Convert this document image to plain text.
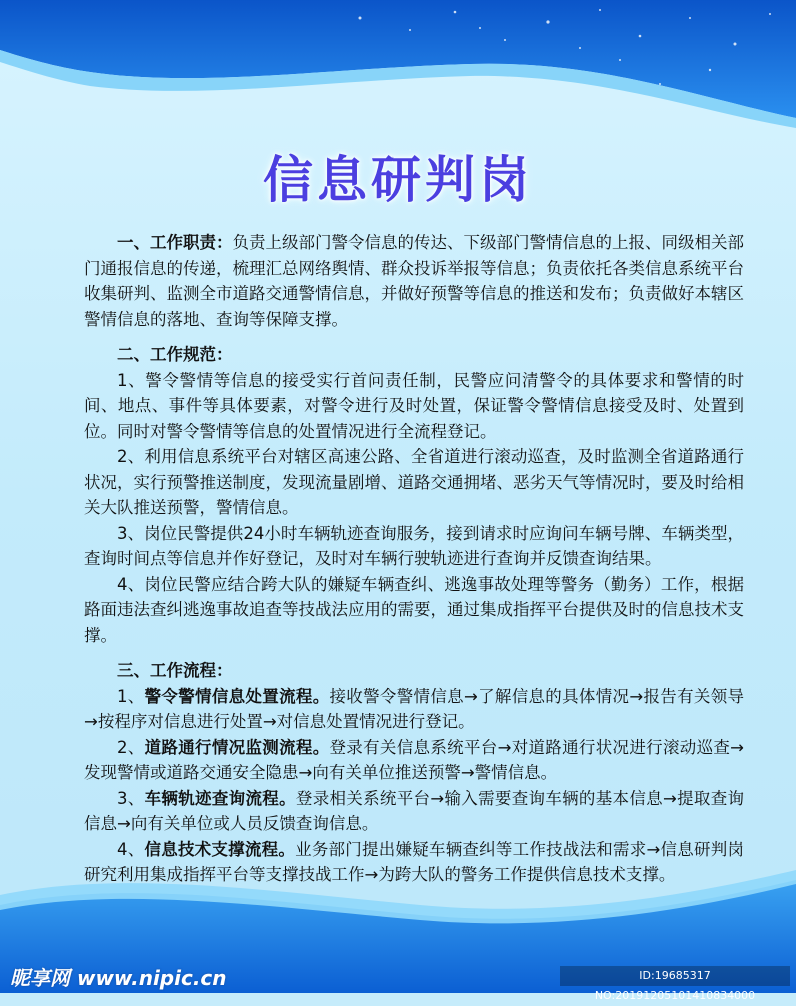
信息研判岗

一、工作职责：负责上级部门警令信息的传达、下级部门警情信息的上报、同级相关部门通报信息的传递，梳理汇总网络舆情、群众投诉举报等信息；负责依托各类信息系统平台收集研判、监测全市道路交通警情信息，并做好预警等信息的推送和发布；负责做好本辖区警情信息的落地、查询等保障支撑。

二、工作规范：

1、警令警情等信息的接受实行首问责任制，民警应问清警令的具体要求和警情的时间、地点、事件等具体要素，对警令进行及时处置，保证警令警情信息接受及时、处置到位。同时对警令警情等信息的处置情况进行全流程登记。

2、利用信息系统平台对辖区高速公路、全省道进行滚动巡查，及时监测全省道路通行状况，实行预警推送制度，发现流量剧增、道路交通拥堵、恶劣天气等情况时，要及时给相关大队推送预警，警情信息。

3、岗位民警提供24小时车辆轨迹查询服务，接到请求时应询问车辆号牌、车辆类型，查询时间点等信息并作好登记，及时对车辆行驶轨迹进行查询并反馈查询结果。

4、岗位民警应结合跨大队的嫌疑车辆查纠、逃逸事故处理等警务（勤务）工作，根据路面违法查纠逃逸事故追查等技战法应用的需要，通过集成指挥平台提供及时的信息技术支撑。

三、工作流程：

1、警令警情信息处置流程。接收警令警情信息→了解信息的具体情况→报告有关领导→按程序对信息进行处置→对信息处置情况进行登记。

2、道路通行情况监测流程。登录有关信息系统平台→对道路通行状况进行滚动巡查→发现警情或道路交通安全隐患→向有关单位推送预警→警情信息。

3、车辆轨迹查询流程。登录相关系统平台→输入需要查询车辆的基本信息→提取查询信息→向有关单位或人员反馈查询信息。

4、信息技术支撑流程。业务部门提出嫌疑车辆查纠等工作技战法和需求→信息研判岗研究利用集成指挥平台等支撑技战工作→为跨大队的警务工作提供信息技术支撑。

昵享网 www.nipic.cn	ID:19685317 NO:20191205101410834000
